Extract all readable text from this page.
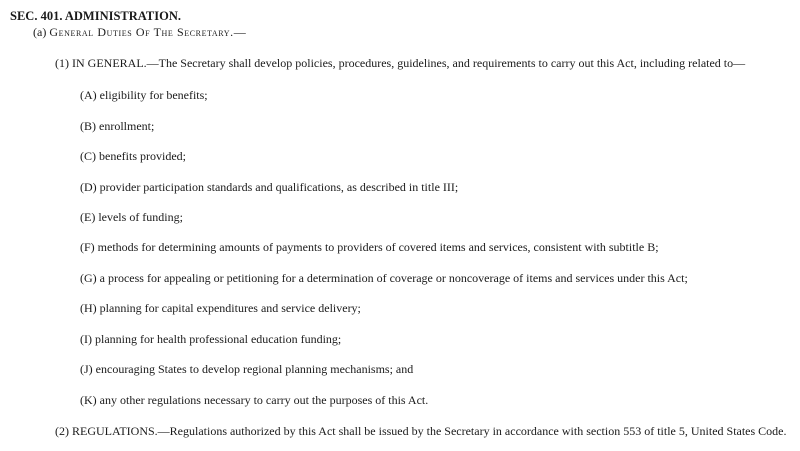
SEC. 401. ADMINISTRATION.
(a) General Duties Of The Secretary.—
(1) IN GENERAL.—The Secretary shall develop policies, procedures, guidelines, and requirements to carry out this Act, including related to—
(A) eligibility for benefits;
(B) enrollment;
(C) benefits provided;
(D) provider participation standards and qualifications, as described in title III;
(E) levels of funding;
(F) methods for determining amounts of payments to providers of covered items and services, consistent with subtitle B;
(G) a process for appealing or petitioning for a determination of coverage or noncoverage of items and services under this Act;
(H) planning for capital expenditures and service delivery;
(I) planning for health professional education funding;
(J) encouraging States to develop regional planning mechanisms; and
(K) any other regulations necessary to carry out the purposes of this Act.
(2) REGULATIONS.—Regulations authorized by this Act shall be issued by the Secretary in accordance with section 553 of title 5, United States Code.
